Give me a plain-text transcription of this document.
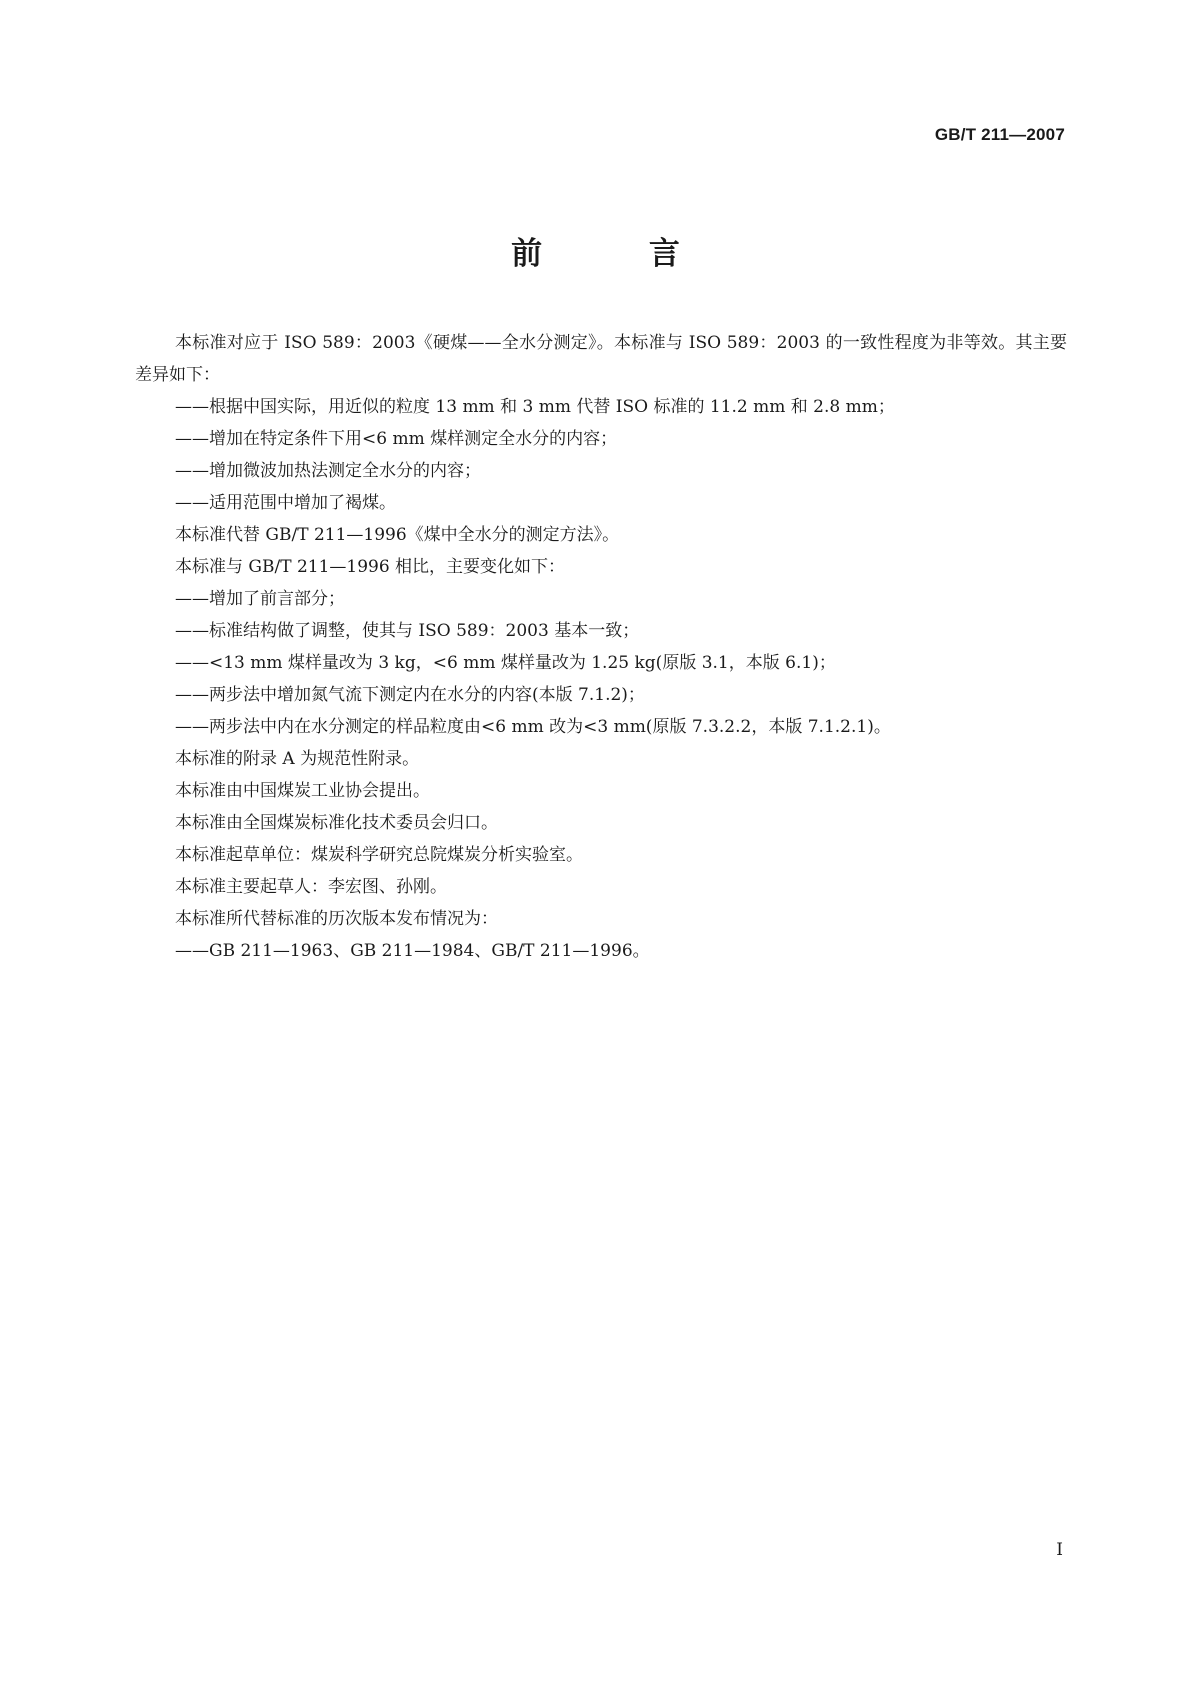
GB/T 211—2007
前 言

本标准对应于 ISO 589：2003《硬煤——全水分测定》。本标准与 ISO 589：2003 的一致性程度为非等效。其主要差异如下：

——根据中国实际，用近似的粒度 13 mm 和 3 mm 代替 ISO 标准的 11.2 mm 和 2.8 mm；

——增加在特定条件下用<6 mm 煤样测定全水分的内容；

——增加微波加热法测定全水分的内容；

——适用范围中增加了褐煤。

本标准代替 GB/T 211—1996《煤中全水分的测定方法》。

本标准与 GB/T 211—1996 相比，主要变化如下：

——增加了前言部分；

——标准结构做了调整，使其与 ISO 589：2003 基本一致；

——<13 mm 煤样量改为 3 kg，<6 mm 煤样量改为 1.25 kg(原版 3.1，本版 6.1)；

——两步法中增加氮气流下测定内在水分的内容(本版 7.1.2)；

——两步法中内在水分测定的样品粒度由<6 mm 改为<3 mm(原版 7.3.2.2，本版 7.1.2.1)。

本标准的附录 A 为规范性附录。

本标准由中国煤炭工业协会提出。

本标准由全国煤炭标准化技术委员会归口。

本标准起草单位：煤炭科学研究总院煤炭分析实验室。

本标准主要起草人：李宏图、孙刚。

本标准所代替标准的历次版本发布情况为：

——GB 211—1963、GB 211—1984、GB/T 211—1996。

I
